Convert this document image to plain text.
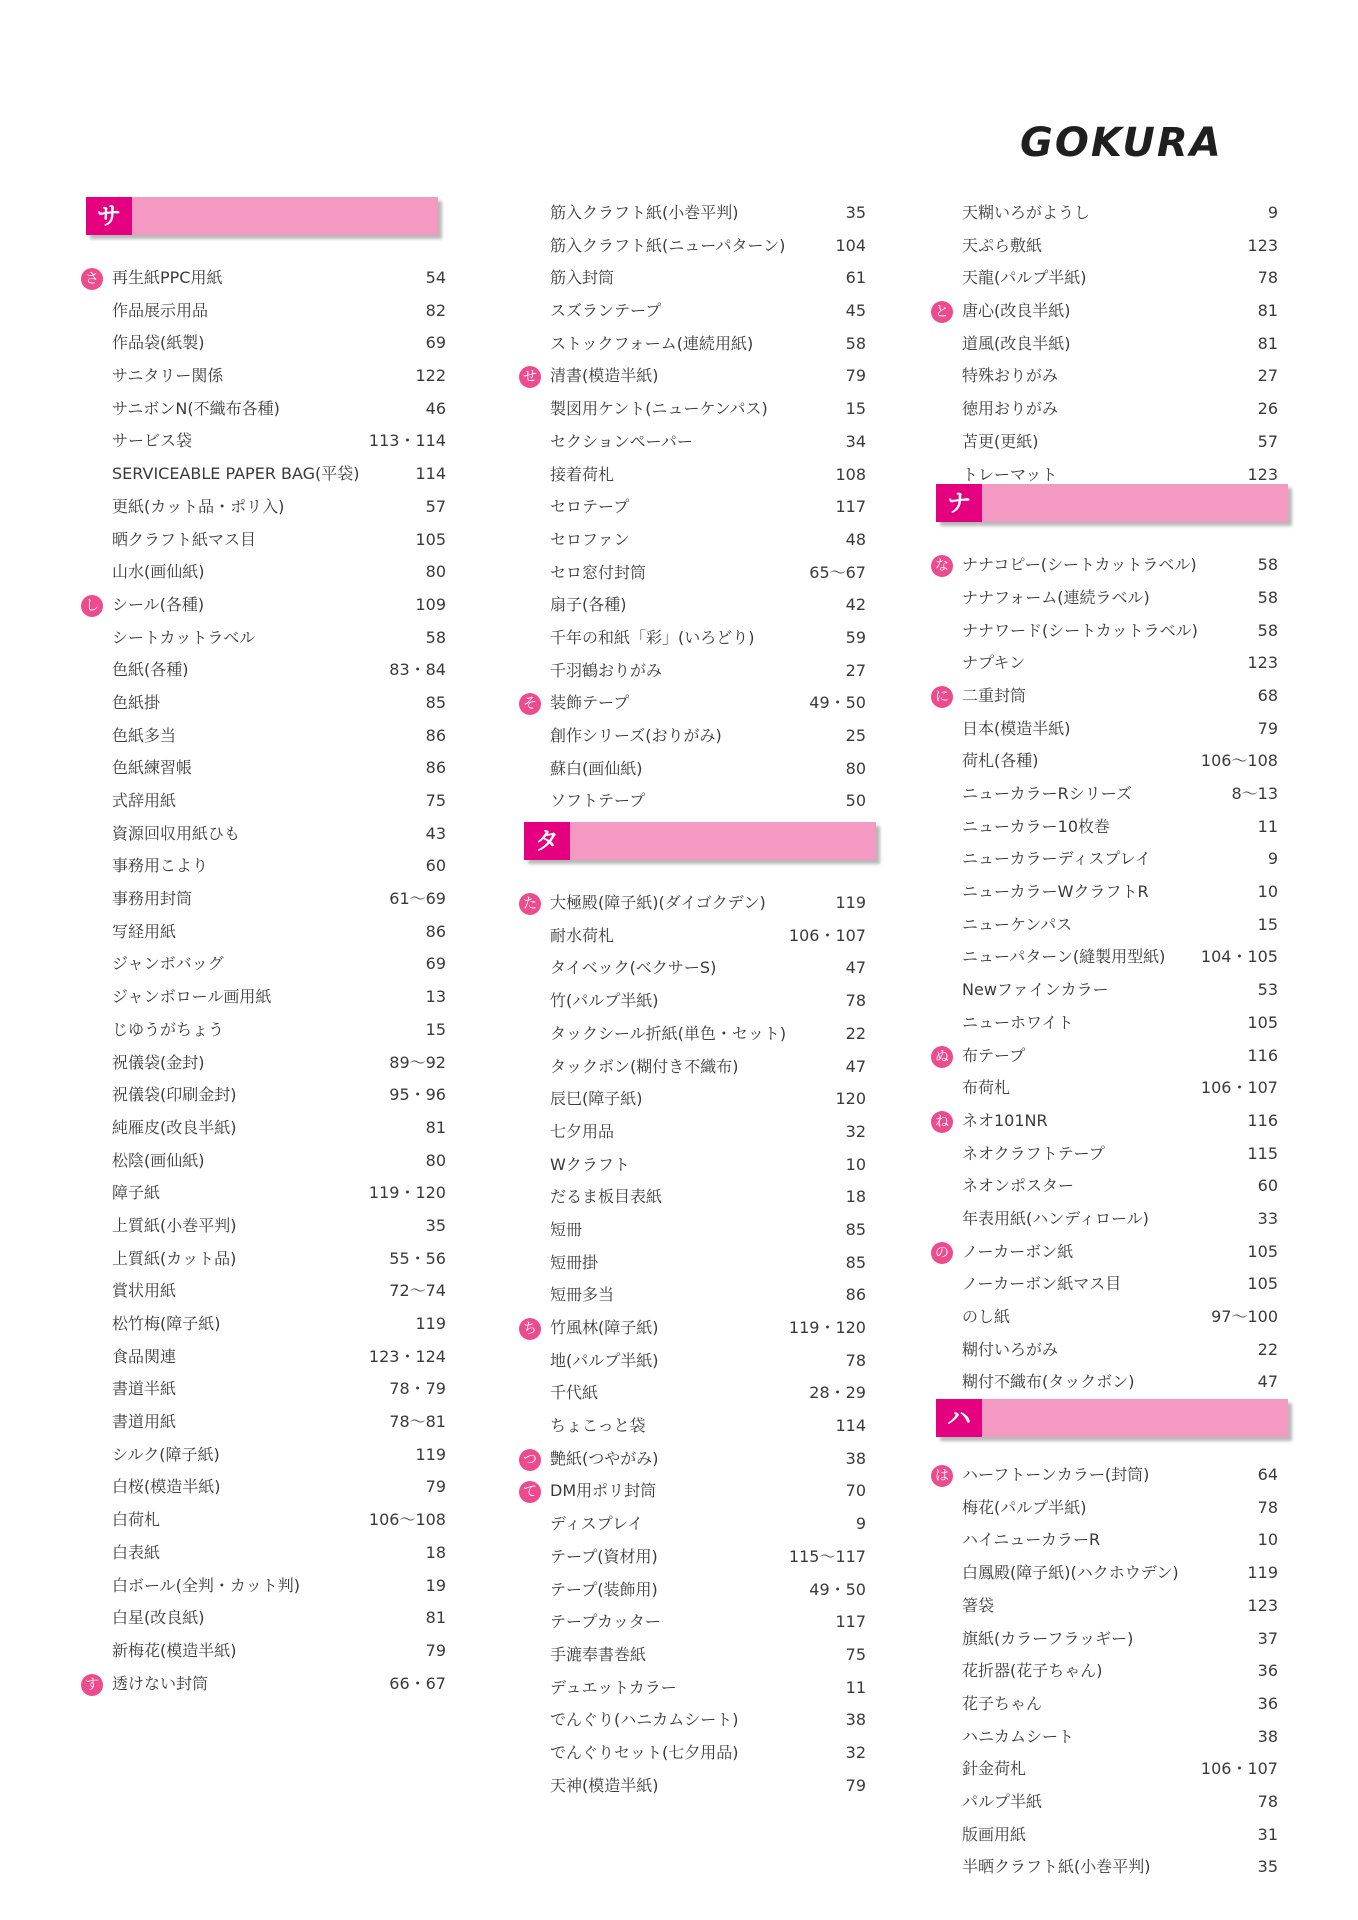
GOKURA
サ
さ 再生紙PPC用紙	54
作品展示用品	82
作品袋(紙製)	69
サニタリー関係	122
サニボンN(不織布各種)	46
サービス袋	113・114
SERVICEABLE PAPER BAG(平袋)	114
更紙(カット品・ポリ入)	57
晒クラフト紙マス目	105
山水(画仙紙)	80
し シール(各種)	109
シートカットラベル	58
色紙(各種)	83・84
色紙掛	85
色紙多当	86
色紙練習帳	86
式辞用紙	75
資源回収用紙ひも	43
事務用こより	60
事務用封筒	61〜69
写経用紙	86
ジャンボバッグ	69
ジャンボロール画用紙	13
じゆうがちょう	15
祝儀袋(金封)	89〜92
祝儀袋(印刷金封)	95・96
純雁皮(改良半紙)	81
松陰(画仙紙)	80
障子紙	119・120
上質紙(小巻平判)	35
上質紙(カット品)	55・56
賞状用紙	72〜74
松竹梅(障子紙)	119
食品関連	123・124
書道半紙	78・79
書道用紙	78〜81
シルク(障子紙)	119
白桜(模造半紙)	79
白荷札	106〜108
白表紙	18
白ボール(全判・カット判)	19
白星(改良紙)	81
新梅花(模造半紙)	79
す 透けない封筒	66・67
筋入クラフト紙(小巻平判)	35
筋入クラフト紙(ニューパターン)	104
筋入封筒	61
スズランテープ	45
ストックフォーム(連続用紙)	58
せ 清書(模造半紙)	79
製図用ケント(ニューケンパス)	15
セクションペーパー	34
接着荷札	108
セロテープ	117
セロファン	48
セロ窓付封筒	65〜67
扇子(各種)	42
千年の和紙「彩」(いろどり)	59
千羽鶴おりがみ	27
そ 装飾テープ	49・50
創作シリーズ(おりがみ)	25
蘇白(画仙紙)	80
ソフトテープ	50
タ
た 大極殿(障子紙)(ダイゴクデン)	119
耐水荷札	106・107
タイベック(ベクサーS)	47
竹(パルプ半紙)	78
タックシール折紙(単色・セット)	22
タックボン(糊付き不織布)	47
辰巳(障子紙)	120
七夕用品	32
Wクラフト	10
だるま板目表紙	18
短冊	85
短冊掛	85
短冊多当	86
ち 竹風林(障子紙)	119・120
地(パルプ半紙)	78
千代紙	28・29
ちょこっと袋	114
つ 艶紙(つやがみ)	38
て DM用ポリ封筒	70
ディスプレイ	9
テープ(資材用)	115〜117
テープ(装飾用)	49・50
テープカッター	117
手漉奉書巻紙	75
デュエットカラー	11
でんぐり(ハニカムシート)	38
でんぐりセット(七夕用品)	32
天神(模造半紙)	79
天糊いろがようし	9
天ぷら敷紙	123
天龍(パルプ半紙)	78
と 唐心(改良半紙)	81
道風(改良半紙)	81
特殊おりがみ	27
徳用おりがみ	26
苫更(更紙)	57
トレーマット	123
ナ
な ナナコピー(シートカットラベル)	58
ナナフォーム(連続ラベル)	58
ナナワード(シートカットラベル)	58
ナプキン	123
に 二重封筒	68
日本(模造半紙)	79
荷札(各種)	106〜108
ニューカラーRシリーズ	8〜13
ニューカラー10枚巻	11
ニューカラーディスプレイ	9
ニューカラーWクラフトR	10
ニューケンパス	15
ニューパターン(縫製用型紙) 104・105
Newファインカラー	53
ニューホワイト	105
ぬ 布テープ	116
布荷札	106・107
ね ネオ101NR	116
ネオクラフトテープ	115
ネオンポスター	60
年表用紙(ハンディロール)	33
の ノーカーボン紙	105
ノーカーボン紙マス目	105
のし紙	97〜100
糊付いろがみ	22
糊付不織布(タックボン)	47
ハ
は ハーフトーンカラー(封筒)	64
梅花(パルプ半紙)	78
ハイニューカラーR	10
白鳳殿(障子紙)(ハクホウデン)	119
箸袋	123
旗紙(カラーフラッギー)	37
花折器(花子ちゃん)	36
花子ちゃん	36
ハニカムシート	38
針金荷札	106・107
パルプ半紙	78
版画用紙	31
半晒クラフト紙(小巻平判)	35
